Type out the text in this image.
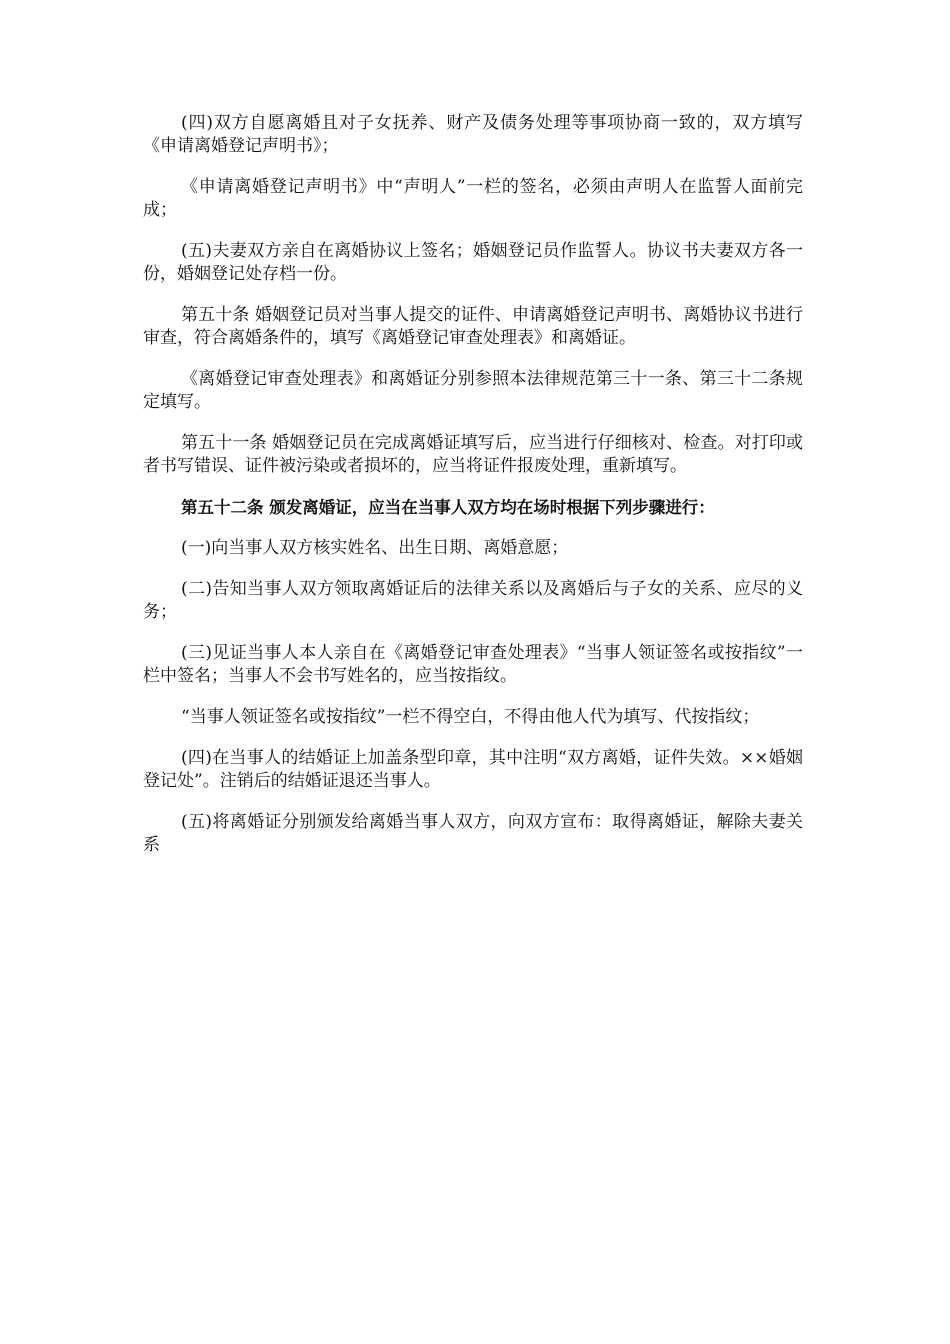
(四)双方自愿离婚且对子女抚养、财产及债务处理等事项协商一致的，双方填写《申请离婚登记声明书》；

《申请离婚登记声明书》中“声明人”一栏的签名，必须由声明人在监誓人面前完成；

(五)夫妻双方亲自在离婚协议上签名；婚姻登记员作监誓人。协议书夫妻双方各一份，婚姻登记处存档一份。

第五十条 婚姻登记员对当事人提交的证件、申请离婚登记声明书、离婚协议书进行审查，符合离婚条件的，填写《离婚登记审查处理表》和离婚证。

《离婚登记审查处理表》和离婚证分别参照本法律规范第三十一条、第三十二条规定填写。

第五十一条 婚姻登记员在完成离婚证填写后，应当进行仔细核对、检查。对打印或者书写错误、证件被污染或者损坏的，应当将证件报废处理，重新填写。

第五十二条 颁发离婚证，应当在当事人双方均在场时根据下列步骤进行：

(一)向当事人双方核实姓名、出生日期、离婚意愿；

(二)告知当事人双方领取离婚证后的法律关系以及离婚后与子女的关系、应尽的义务；

(三)见证当事人本人亲自在《离婚登记审查处理表》“当事人领证签名或按指纹”一栏中签名；当事人不会书写姓名的，应当按指纹。

“当事人领证签名或按指纹”一栏不得空白，不得由他人代为填写、代按指纹；

(四)在当事人的结婚证上加盖条型印章，其中注明“双方离婚，证件失效。××婚姻登记处”。注销后的结婚证退还当事人。

(五)将离婚证分别颁发给离婚当事人双方，向双方宣布：取得离婚证，解除夫妻关系
